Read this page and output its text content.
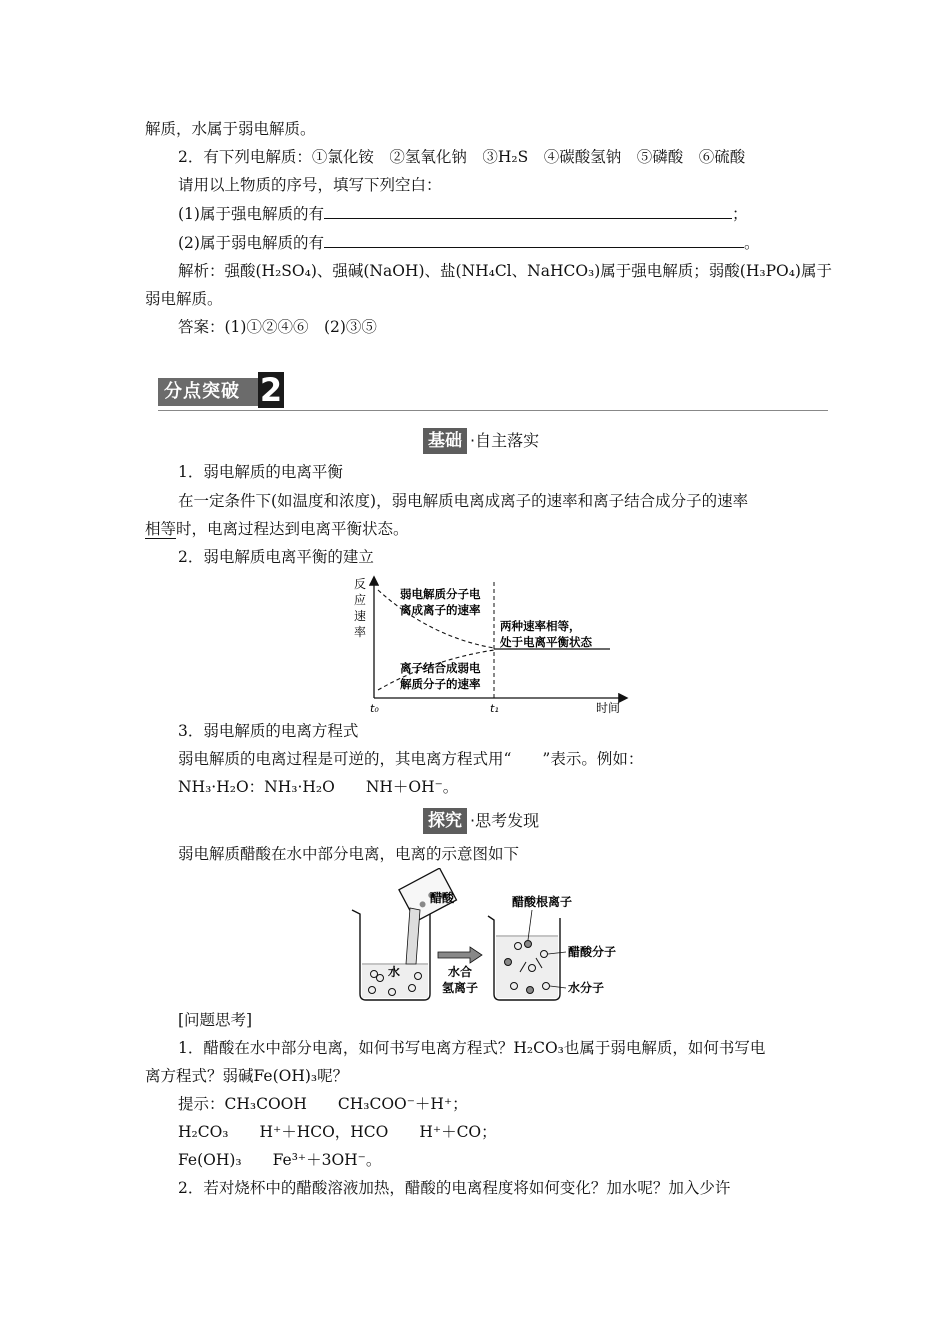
解质，水属于弱电解质。
2．有下列电解质：①氯化铵　②氢氧化钠　③H₂S　④碳酸氢钠　⑤磷酸　⑥硫酸
请用以上物质的序号，填写下列空白：
(1)属于强电解质的有	；
(2)属于弱电解质的有	。
解析：强酸(H₂SO₄)、强碱(NaOH)、盐(NH₄Cl、NaHCO₃)属于强电解质；弱酸(H₃PO₄)属于
弱电解质。
答案：(1)①②④⑥　(2)③⑤
分点突破 2
基础 ·自主落实
1．弱电解质的电离平衡
在一定条件下(如温度和浓度)，弱电解质电离成离子的速率和离子结合成分子的速率
相等时，电离过程达到电离平衡状态。
2．弱电解质电离平衡的建立
反
应
速
率
弱电解质分子电
离成离子的速率
两种速率相等，
处于电离平衡状态
离子结合成弱电
解质分子的速率
t₀	t₁	时间
3．弱电解质的电离方程式
弱电解质的电离过程是可逆的，其电离方程式用“　　”表示。例如：
NH₃·H₂O：NH₃·H₂O　　NH＋OH⁻。
探究 ·思考发现
弱电解质醋酸在水中部分电离，电离的示意图如下
醋酸
水	水合
氢离子
醋酸根离子
醋酸分子
水分子
[问题思考]
1．醋酸在水中部分电离，如何书写电离方程式？H₂CO₃也属于弱电解质，如何书写电
离方程式？弱碱Fe(OH)₃呢？
提示：CH₃COOH　　CH₃COO⁻＋H⁺；
H₂CO₃　　H⁺＋HCO，HCO　　H⁺＋CO；
Fe(OH)₃　　Fe³⁺＋3OH⁻。
2．若对烧杯中的醋酸溶液加热，醋酸的电离程度将如何变化？加水呢？加入少许
